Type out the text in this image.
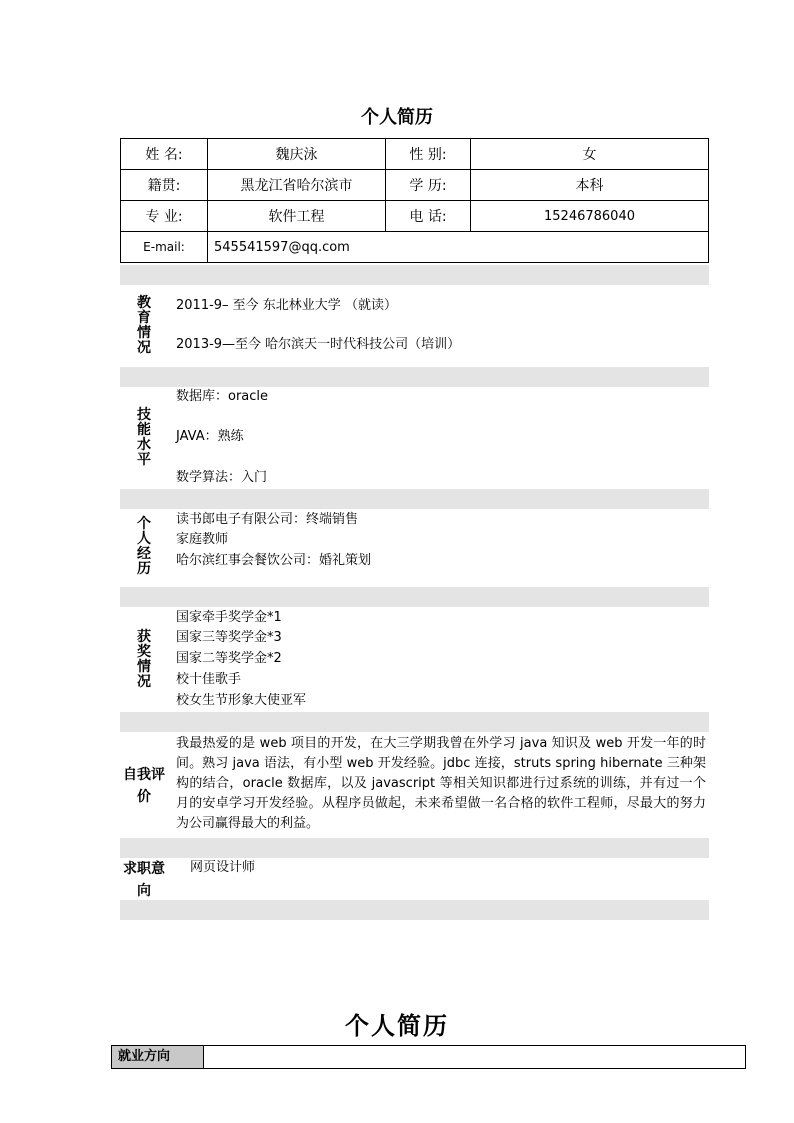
个人简历
姓 名:	魏庆泳	性 别:	女
籍贯:	黑龙江省哈尔滨市	学 历:	本科
专 业:	软件工程	电 话:	15246786040
E-mail:	545541597@qq.com		
教育情况
2011-9– 至今 东北林业大学 （就读）
2013-9—至今 哈尔滨天一时代科技公司（培训）
技能水平
数据库：oracle
JAVA：熟练
数学算法：入门
个人经历
读书郎电子有限公司：终端销售
家庭教师
哈尔滨红事会餐饮公司：婚礼策划
获奖情况
国家牵手奖学金*1
国家三等奖学金*3
国家二等奖学金*2
校十佳歌手
校女生节形象大使亚军
自我评价
我最热爱的是 web 项目的开发，在大三学期我曾在外学习 java 知识及 web 开发一年的时间。熟习 java 语法，有小型 web 开发经验。jdbc 连接，struts spring hibernate 三种架构的结合，oracle 数据库，以及 javascript 等相关知识都进行过系统的训练，并有过一个月的安卓学习开发经验。从程序员做起，未来希望做一名合格的软件工程师，尽最大的努力为公司赢得最大的利益。
求职意向
网页设计师
个人简历
就业方向
